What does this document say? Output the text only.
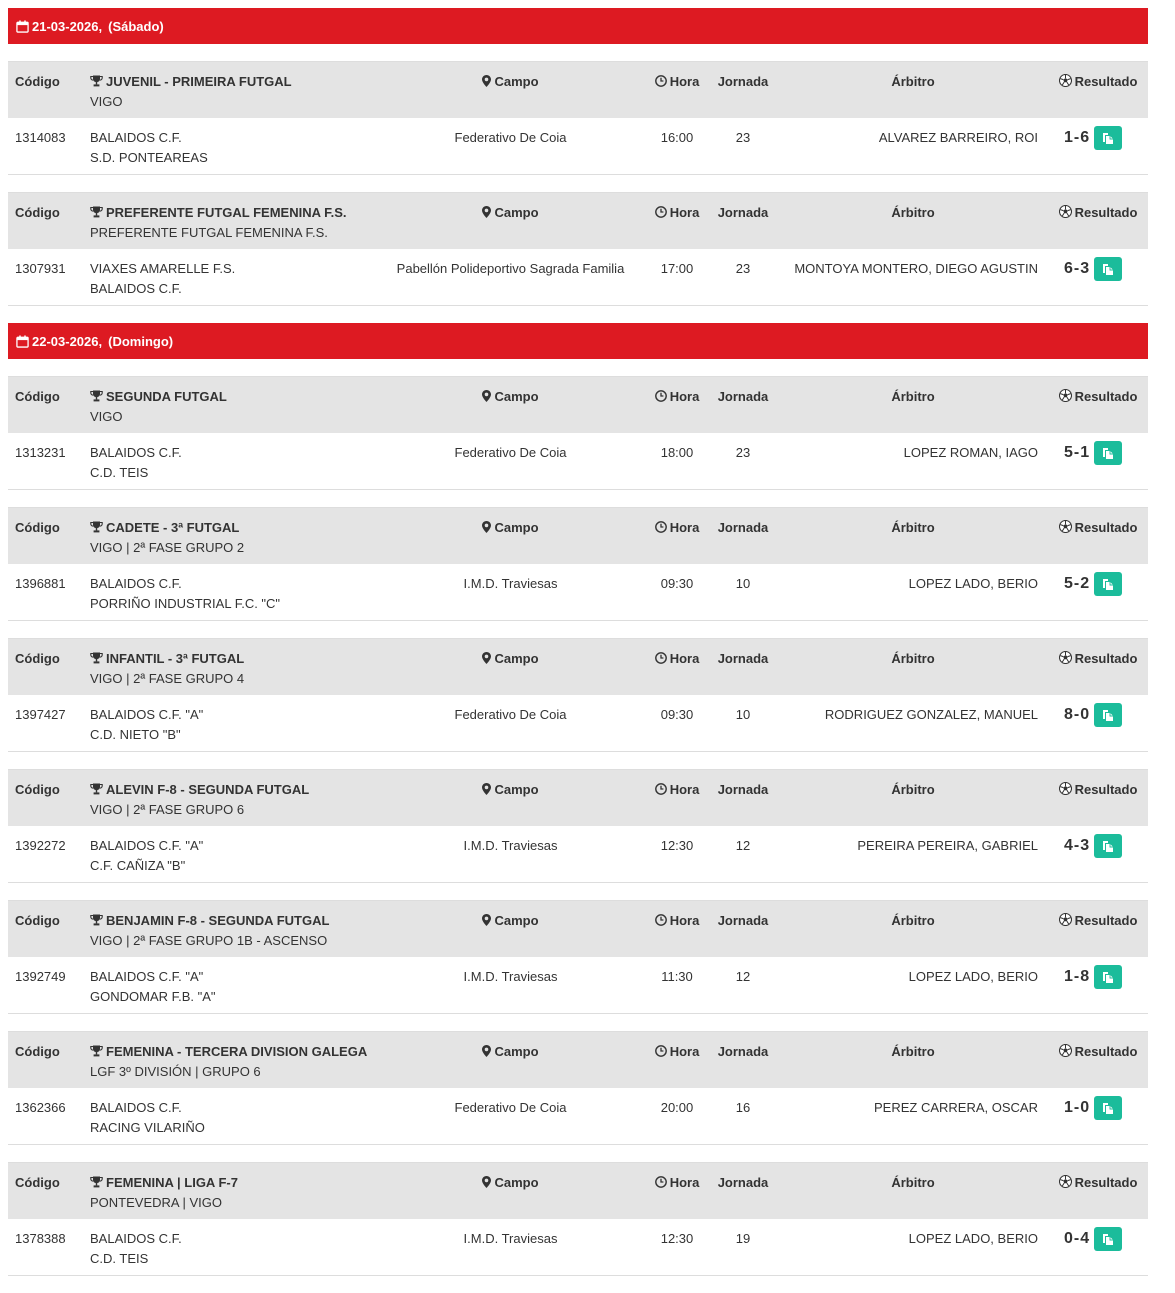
21-03-2026, (Sábado)
Código	JUVENIL - PRIMEIRA FUTGAL
VIGO
Campo	Hora	Jornada	Árbitro	Resultado
1314083 BALAIDOS C.F.
S.D. PONTEAREAS
Federativo De Coia	16:00	23	ALVAREZ BARREIRO, ROI 1-6
Código	PREFERENTE FUTGAL FEMENINA F.S.
PREFERENTE FUTGAL FEMENINA F.S.
Campo	Hora	Jornada	Árbitro	Resultado
1307931 VIAXES AMARELLE F.S.
BALAIDOS C.F.
Pabellón Polideportivo Sagrada Familia	17:00	23	MONTOYA MONTERO, DIEGO AGUSTIN 6-3
22-03-2026, (Domingo)
Código	SEGUNDA FUTGAL
VIGO
Campo	Hora	Jornada	Árbitro	Resultado
1313231 BALAIDOS C.F.
C.D. TEIS
Federativo De Coia	18:00	23	LOPEZ ROMAN, IAGO 5-1
Código	CADETE - 3ª FUTGAL
VIGO | 2ª FASE GRUPO 2
Campo	Hora	Jornada	Árbitro	Resultado
1396881 BALAIDOS C.F.
PORRIÑO INDUSTRIAL F.C. "C"
I.M.D. Traviesas	09:30	10	LOPEZ LADO, BERIO 5-2
Código	INFANTIL - 3ª FUTGAL
VIGO | 2ª FASE GRUPO 4
Campo	Hora	Jornada	Árbitro	Resultado
1397427 BALAIDOS C.F. "A"
C.D. NIETO "B"
Federativo De Coia	09:30	10	RODRIGUEZ GONZALEZ, MANUEL 8-0
Código	ALEVIN F-8 - SEGUNDA FUTGAL
VIGO | 2ª FASE GRUPO 6
Campo	Hora	Jornada	Árbitro	Resultado
1392272 BALAIDOS C.F. "A"
C.F. CAÑIZA "B"
I.M.D. Traviesas	12:30	12	PEREIRA PEREIRA, GABRIEL 4-3
Código	BENJAMIN F-8 - SEGUNDA FUTGAL
VIGO | 2ª FASE GRUPO 1B - ASCENSO
Campo	Hora	Jornada	Árbitro	Resultado
1392749 BALAIDOS C.F. "A"
GONDOMAR F.B. "A"
I.M.D. Traviesas	11:30	12	LOPEZ LADO, BERIO 1-8
Código	FEMENINA - TERCERA DIVISION GALEGA
LGF 3º DIVISIÓN | GRUPO 6
Campo	Hora	Jornada	Árbitro	Resultado
1362366 BALAIDOS C.F.
RACING VILARIÑO
Federativo De Coia	20:00	16	PEREZ CARRERA, OSCAR 1-0
Código	FEMENINA | LIGA F-7
PONTEVEDRA | VIGO
Campo	Hora	Jornada	Árbitro	Resultado
1378388 BALAIDOS C.F.
C.D. TEIS
I.M.D. Traviesas	12:30	19	LOPEZ LADO, BERIO 0-4
